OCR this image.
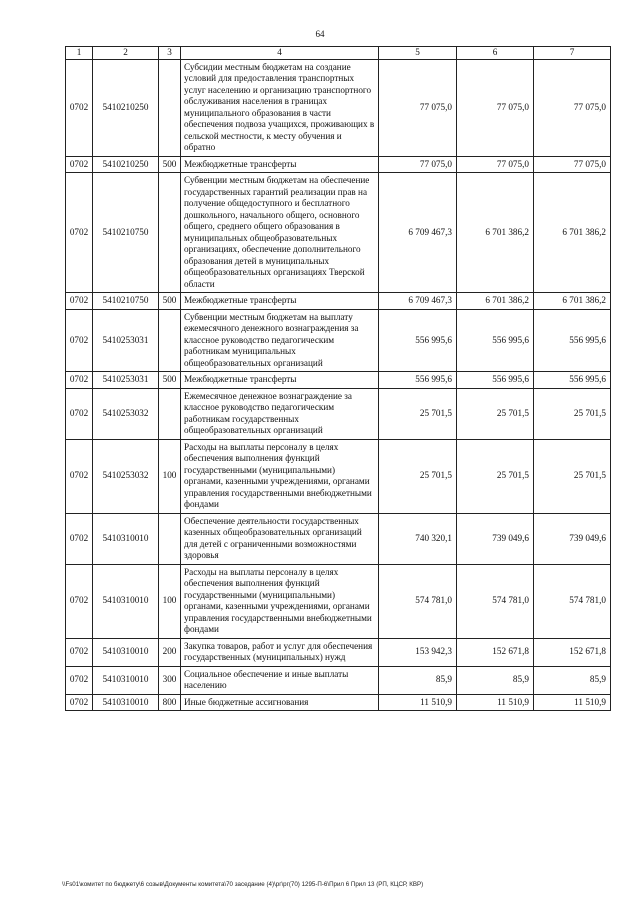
64
1	2	3	4	5	6	7
0702	5410210250		Субсидии местным бюджетам на создание условий для предоставления транспортных услуг населению и организацию транспортного обслуживания населения в границах муниципального образования в части обеспечения подвоза учащихся, проживающих в сельской местности, к месту обучения и обратно	77 075,0	77 075,0	77 075,0
0702	5410210250	500	Межбюджетные трансферты	77 075,0	77 075,0	77 075,0
0702	5410210750		Субвенции местным бюджетам на обеспечение государственных гарантий реализации прав на получение общедоступного и бесплатного дошкольного, начального общего, основного общего, среднего общего образования в муниципальных общеобразовательных организациях, обеспечение дополнительного образования детей в муниципальных общеобразовательных организациях Тверской области	6 709 467,3	6 701 386,2	6 701 386,2
0702	5410210750	500	Межбюджетные трансферты	6 709 467,3	6 701 386,2	6 701 386,2
0702	5410253031		Субвенции местным бюджетам на выплату ежемесячного денежного вознаграждения за классное руководство педагогическим работникам муниципальных общеобразовательных организаций	556 995,6	556 995,6	556 995,6
0702	5410253031	500	Межбюджетные трансферты	556 995,6	556 995,6	556 995,6
0702	5410253032		Ежемесячное денежное вознаграждение за классное руководство педагогическим работникам государственных общеобразовательных организаций	25 701,5	25 701,5	25 701,5
0702	5410253032	100	Расходы на выплаты персоналу в целях обеспечения выполнения функций государственными (муниципальными) органами, казенными учреждениями, органами управления государственными внебюджетными фондами	25 701,5	25 701,5	25 701,5
0702	5410310010		Обеспечение деятельности государственных казенных общеобразовательных организаций для детей с ограниченными возможностями здоровья	740 320,1	739 049,6	739 049,6
0702	5410310010	100	Расходы на выплаты персоналу в целях обеспечения выполнения функций государственными (муниципальными) органами, казенными учреждениями, органами управления государственными внебюджетными фондами	574 781,0	574 781,0	574 781,0
0702	5410310010	200	Закупка товаров, работ и услуг для обеспечения государственных (муниципальных) нужд	153 942,3	152 671,8	152 671,8
0702	5410310010	300	Социальное обеспечение и иные выплаты населению	85,9	85,9	85,9
0702	5410310010	800	Иные бюджетные ассигнования	11 510,9	11 510,9	11 510,9
\\Fs01\комитет по бюджету\6 созыв\Документы комитета\70 заседание (4)\рг\рг(70) 1295-П-6\Прил 6 Прил 13 (РП, КЦСР, КВР)
